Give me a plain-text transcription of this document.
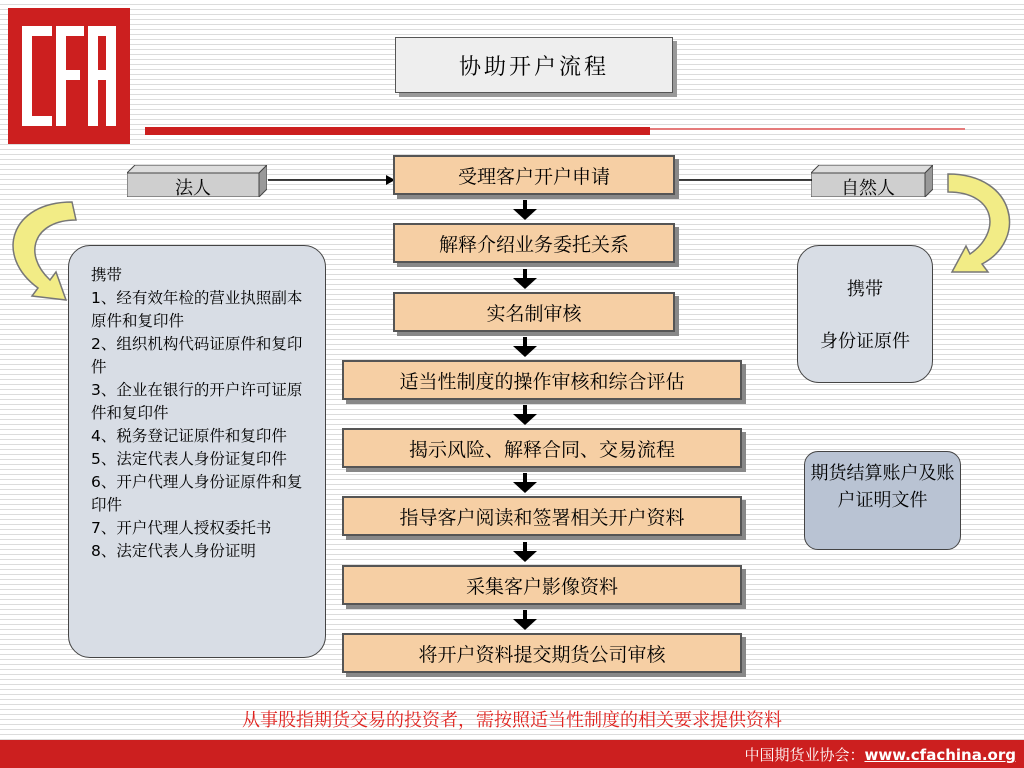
协助开户流程
法人	自然人
受理客户开户申请
解释介绍业务委托关系
实名制审核
适当性制度的操作审核和综合评估
揭示风险、解释合同、交易流程
指导客户阅读和签署相关开户资料
采集客户影像资料
将开户资料提交期货公司审核
携带
1、经有效年检的营业执照副本原件和复印件
2、组织机构代码证原件和复印件
3、企业在银行的开户许可证原件和复印件
4、税务登记证原件和复印件
5、法定代表人身份证复印件
6、开户代理人身份证原件和复印件
7、开户代理人授权委托书
8、法定代表人身份证明
携带
身份证原件
期货结算账户及账户证明文件
从事股指期货交易的投资者，需按照适当性制度的相关要求提供资料
中国期货业协会：www.cfachina.org
